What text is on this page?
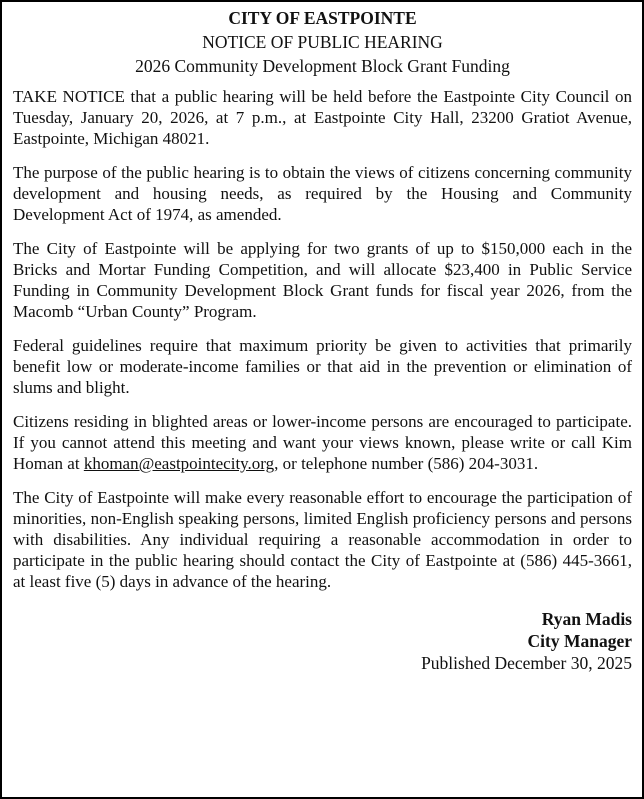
CITY OF EASTPOINTE
NOTICE OF PUBLIC HEARING
2026 Community Development Block Grant Funding

TAKE NOTICE that a public hearing will be held before the Eastpointe City Council on Tuesday, January 20, 2026, at 7 p.m., at Eastpointe City Hall, 23200 Gratiot Avenue, Eastpointe, Michigan 48021.

The purpose of the public hearing is to obtain the views of citizens concerning community development and housing needs, as required by the Housing and Community Development Act of 1974, as amended.

The City of Eastpointe will be applying for two grants of up to $150,000 each in the Bricks and Mortar Funding Competition, and will allocate $23,400 in Public Service Funding in Community Development Block Grant funds for fiscal year 2026, from the Macomb “Urban County” Program.

Federal guidelines require that maximum priority be given to activities that primarily benefit low or moderate-income families or that aid in the prevention or elimination of slums and blight.

Citizens residing in blighted areas or lower-income persons are encouraged to participate. If you cannot attend this meeting and want your views known, please write or call Kim Homan at khoman@eastpointecity.org, or telephone number (586) 204-3031.

The City of Eastpointe will make every reasonable effort to encourage the participation of minorities, non-English speaking persons, limited English proficiency persons and persons with disabilities. Any individual requiring a reasonable accommodation in order to participate in the public hearing should contact the City of Eastpointe at (586) 445-3661, at least five (5) days in advance of the hearing.

Ryan Madis
City Manager
Published December 30, 2025
